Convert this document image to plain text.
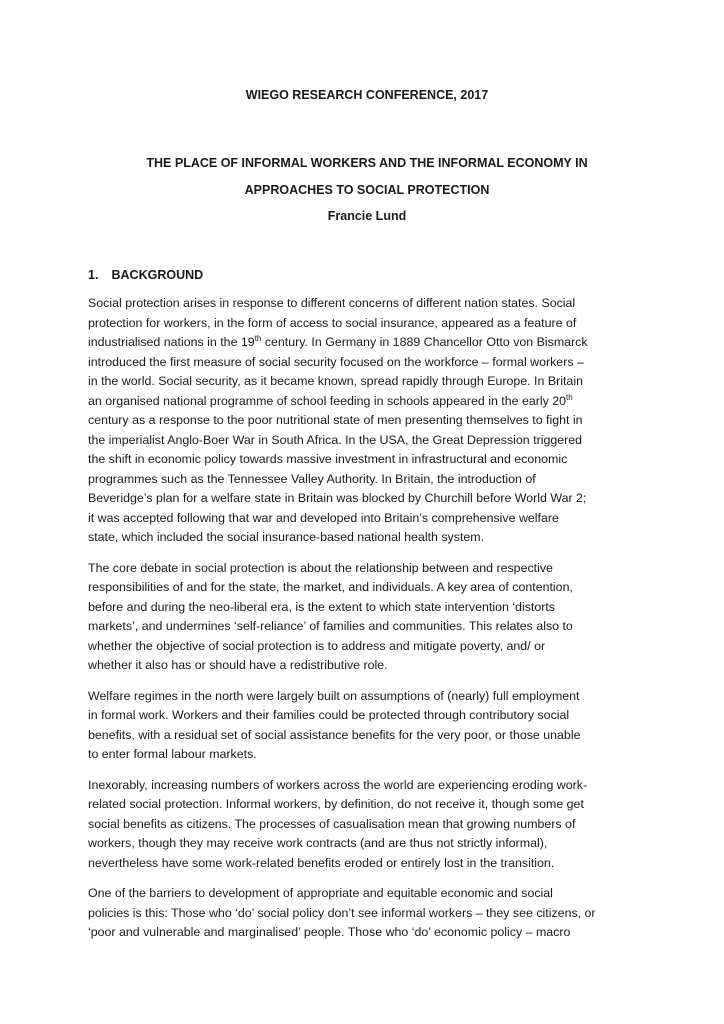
WIEGO RESEARCH CONFERENCE, 2017

THE PLACE OF INFORMAL WORKERS AND THE INFORMAL ECONOMY IN

APPROACHES TO SOCIAL PROTECTION

Francie Lund

1. BACKGROUND

Social protection arises in response to different concerns of different nation states. Social
protection for workers, in the form of access to social insurance, appeared as a feature of
industrialised nations in the 19th century. In Germany in 1889 Chancellor Otto von Bismarck
introduced the first measure of social security focused on the workforce – formal workers –
in the world. Social security, as it became known, spread rapidly through Europe. In Britain
an organised national programme of school feeding in schools appeared in the early 20th
century as a response to the poor nutritional state of men presenting themselves to fight in
the imperialist Anglo-Boer War in South Africa. In the USA, the Great Depression triggered
the shift in economic policy towards massive investment in infrastructural and economic
programmes such as the Tennessee Valley Authority. In Britain, the introduction of
Beveridge’s plan for a welfare state in Britain was blocked by Churchill before World War 2;
it was accepted following that war and developed into Britain’s comprehensive welfare
state, which included the social insurance-based national health system.

The core debate in social protection is about the relationship between and respective
responsibilities of and for the state, the market, and individuals. A key area of contention,
before and during the neo-liberal era, is the extent to which state intervention ‘distorts
markets’, and undermines ‘self-reliance’ of families and communities. This relates also to
whether the objective of social protection is to address and mitigate poverty, and/ or
whether it also has or should have a redistributive role.

Welfare regimes in the north were largely built on assumptions of (nearly) full employment
in formal work. Workers and their families could be protected through contributory social
benefits, with a residual set of social assistance benefits for the very poor, or those unable
to enter formal labour markets.

Inexorably, increasing numbers of workers across the world are experiencing eroding work-
related social protection. Informal workers, by definition, do not receive it, though some get
social benefits as citizens. The processes of casualisation mean that growing numbers of
workers, though they may receive work contracts (and are thus not strictly informal),
nevertheless have some work-related benefits eroded or entirely lost in the transition.

One of the barriers to development of appropriate and equitable economic and social
policies is this: Those who ‘do’ social policy don’t see informal workers – they see citizens, or
‘poor and vulnerable and marginalised’ people. Those who ‘do’ economic policy – macro
